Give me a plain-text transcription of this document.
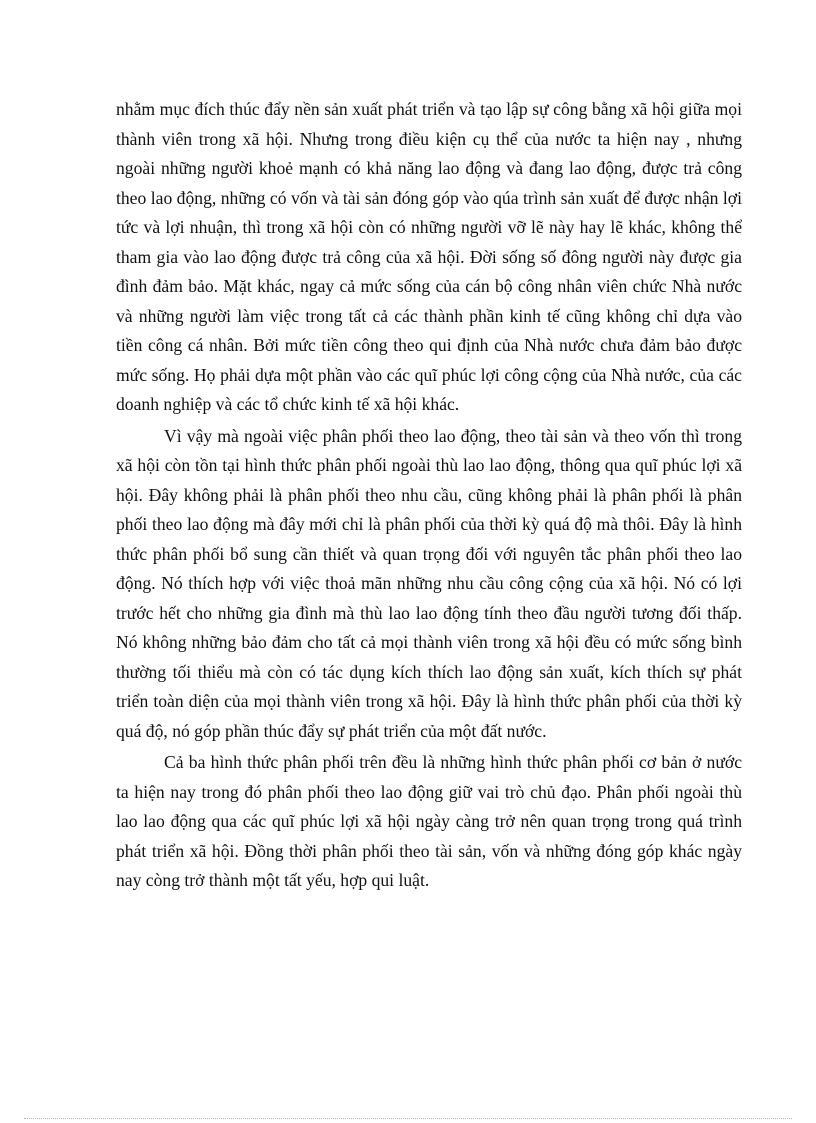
nhằm mục đích thúc đẩy nền sản xuất phát triển và tạo lập sự công bằng xã hội giữa mọi thành viên trong xã hội. Nhưng trong điều kiện cụ thể của nước ta hiện nay , nhưng ngoài những người khoẻ mạnh có khả năng lao động và đang lao động, được trả công theo lao động, những có vốn và tài sản đóng góp vào qúa trình sản xuất để được nhận lợi tức và lợi nhuận, thì trong xã hội còn có những người vỡ lẽ này hay lẽ khác, không thể tham gia vào lao động được trả công của xã hội. Đời sống số đông người này được gia đình đảm bảo. Mặt khác, ngay cả mức sống của cán bộ công nhân viên chức Nhà nước và những người làm việc trong tất cả các thành phần kinh tế cũng không chỉ dựa vào tiền công cá nhân. Bởi mức tiền công theo qui định của Nhà nước chưa đảm bảo được mức sống. Họ phải dựa một phần vào các quĩ phúc lợi công cộng của Nhà nước, của các doanh nghiệp và các tổ chức kinh tế xã hội khác.

Vì vậy mà ngoài việc phân phối theo lao động, theo tài sản và theo vốn thì trong xã hội còn tồn tại hình thức phân phối ngoài thù lao lao động, thông qua quĩ phúc lợi xã hội. Đây không phải là phân phối theo nhu cầu, cũng không phải là phân phối là phân phối theo lao động mà đây mới chỉ là phân phối của thời kỳ quá độ mà thôi. Đây là hình thức phân phối bổ sung cần thiết và quan trọng đối với nguyên tắc phân phối theo lao động. Nó thích hợp với việc thoả mãn những nhu cầu công cộng của xã hội. Nó có lợi trước hết cho những gia đình mà thù lao lao động tính theo đầu người tương đối thấp. Nó không những bảo đảm cho tất cả mọi thành viên trong xã hội đều có mức sống bình thường tối thiểu mà còn có tác dụng kích thích lao động sản xuất, kích thích sự phát triển toàn diện của mọi thành viên trong xã hội. Đây là hình thức phân phối của thời kỳ quá độ, nó góp phần thúc đẩy sự phát triển của một đất nước.

Cả ba hình thức phân phối trên đều là những hình thức phân phối cơ bản ở nước ta hiện nay trong đó phân phối theo lao động giữ vai trò chủ đạo. Phân phối ngoài thù lao lao động qua các quĩ phúc lợi xã hội ngày càng trở nên quan trọng trong quá trình phát triển xã hội. Đồng thời phân phối theo tài sản, vốn và những đóng góp khác ngày nay còng trở thành một tất yếu, hợp qui luật.
